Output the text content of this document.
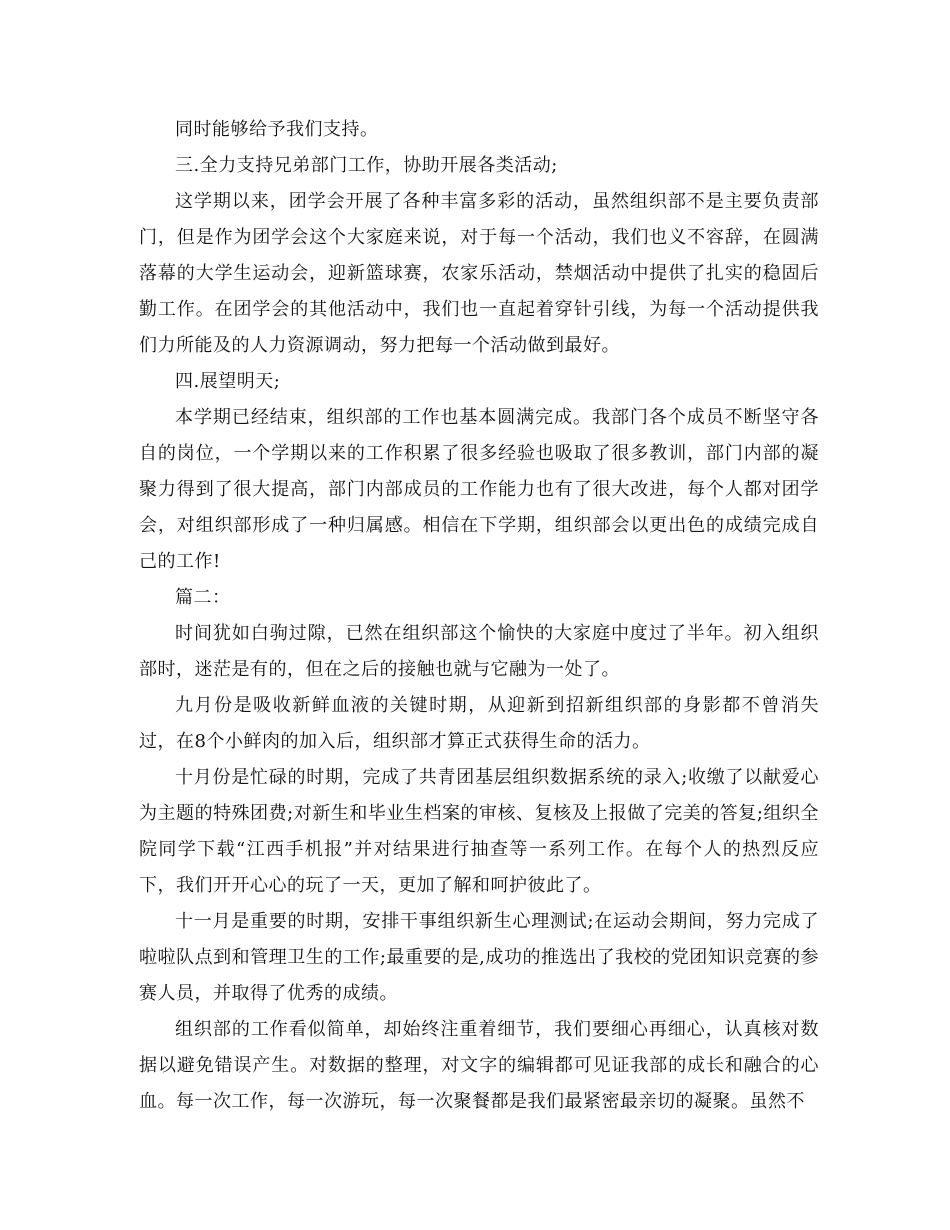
同时能够给予我们支持。

三.全力支持兄弟部门工作，协助开展各类活动;

这学期以来，团学会开展了各种丰富多彩的活动，虽然组织部不是主要负责部门，但是作为团学会这个大家庭来说，对于每一个活动，我们也义不容辞，在圆满落幕的大学生运动会，迎新篮球赛，农家乐活动，禁烟活动中提供了扎实的稳固后勤工作。在团学会的其他活动中，我们也一直起着穿针引线，为每一个活动提供我们力所能及的人力资源调动，努力把每一个活动做到最好。

四.展望明天;

本学期已经结束，组织部的工作也基本圆满完成。我部门各个成员不断坚守各自的岗位，一个学期以来的工作积累了很多经验也吸取了很多教训，部门内部的凝聚力得到了很大提高，部门内部成员的工作能力也有了很大改进，每个人都对团学会，对组织部形成了一种归属感。相信在下学期，组织部会以更出色的成绩完成自己的工作!

篇二：

时间犹如白驹过隙，已然在组织部这个愉快的大家庭中度过了半年。初入组织部时，迷茫是有的，但在之后的接触也就与它融为一处了。

九月份是吸收新鲜血液的关键时期，从迎新到招新组织部的身影都不曾消失过，在8个小鲜肉的加入后，组织部才算正式获得生命的活力。

十月份是忙碌的时期，完成了共青团基层组织数据系统的录入;收缴了以献爱心为主题的特殊团费;对新生和毕业生档案的审核、复核及上报做了完美的答复;组织全院同学下载“江西手机报”并对结果进行抽查等一系列工作。在每个人的热烈反应下，我们开开心心的玩了一天，更加了解和呵护彼此了。

十一月是重要的时期，安排干事组织新生心理测试;在运动会期间，努力完成了啦啦队点到和管理卫生的工作;最重要的是,成功的推选出了我校的党团知识竞赛的参赛人员，并取得了优秀的成绩。

组织部的工作看似简单，却始终注重着细节，我们要细心再细心，认真核对数据以避免错误产生。对数据的整理，对文字的编辑都可见证我部的成长和融合的心血。每一次工作，每一次游玩，每一次聚餐都是我们最紧密最亲切的凝聚。虽然不
